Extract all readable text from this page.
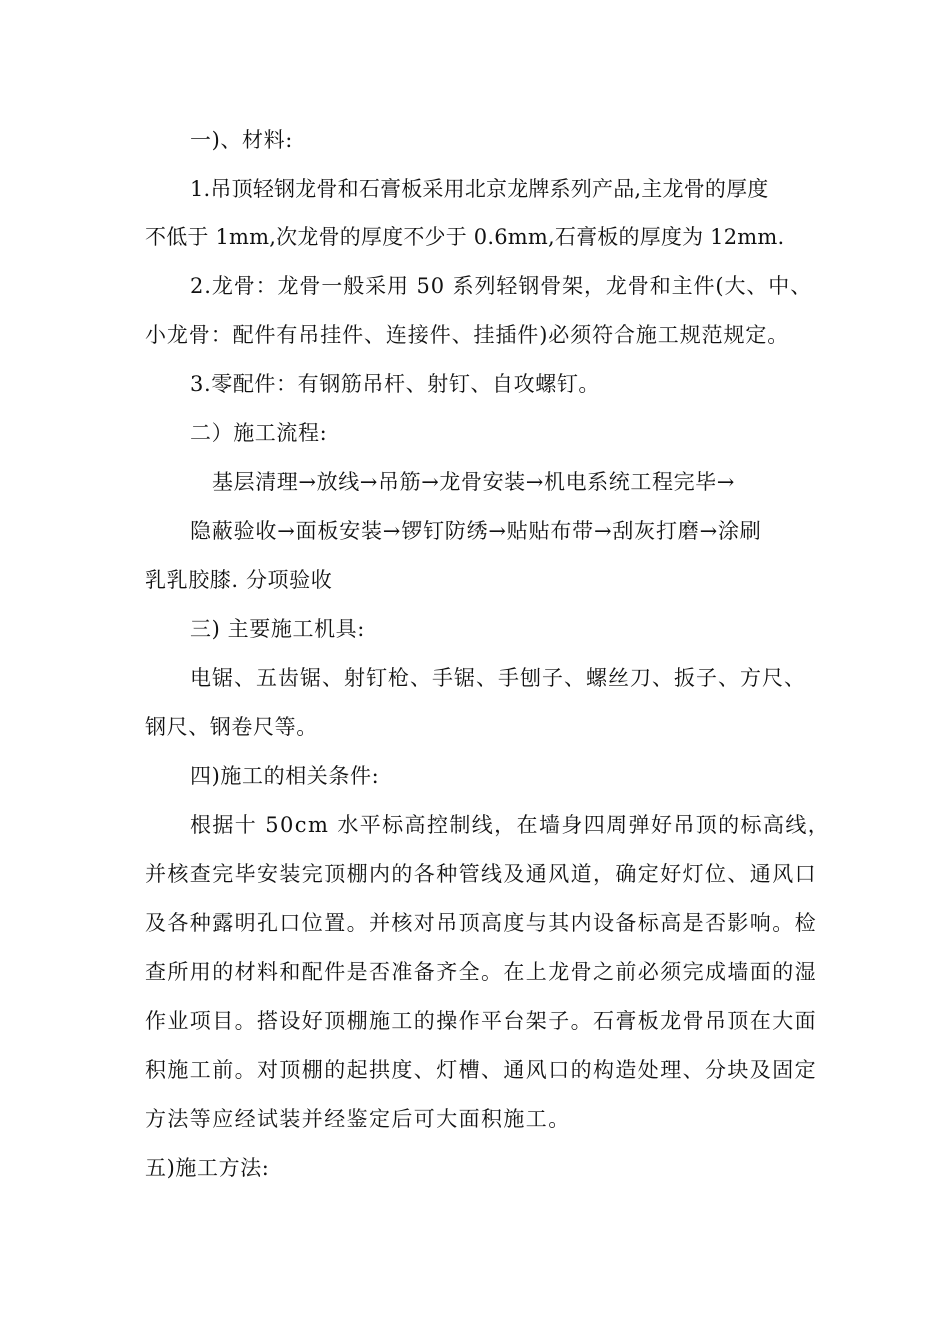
一)、材料:
1.吊顶轻钢龙骨和石膏板采用北京龙牌系列产品,主龙骨的厚度
不低于 1mm,次龙骨的厚度不少于 0.6mm,石膏板的厚度为 12mm.
2.龙骨：龙骨一般采用 50 系列轻钢骨架，龙骨和主件(大、中、
小龙骨：配件有吊挂件、连接件、挂插件)必须符合施工规范规定。
3.零配件：有钢筋吊杆、射钉、自攻螺钉。
二）施工流程:
基层清理→放线→吊筋→龙骨安装→机电系统工程完毕→
隐蔽验收→面板安装→锣钉防绣→贴贴布带→刮灰打磨→涂刷
乳乳胶膝. 分项验收
三) 主要施工机具:
电锯、五齿锯、射钉枪、手锯、手刨子、螺丝刀、扳子、方尺、
钢尺、钢卷尺等。
四)施工的相关条件:
根据十 50cm 水平标高控制线，在墙身四周弹好吊顶的标高线，
并核查完毕安装完顶棚内的各种管线及通风道，确定好灯位、通风口
及各种露明孔口位置。并核对吊顶高度与其内设备标高是否影响。检
查所用的材料和配件是否准备齐全。在上龙骨之前必须完成墙面的湿
作业项目。搭设好顶棚施工的操作平台架子。石膏板龙骨吊顶在大面
积施工前。对顶棚的起拱度、灯槽、通风口的构造处理、分块及固定
方法等应经试装并经鉴定后可大面积施工。
五)施工方法:
